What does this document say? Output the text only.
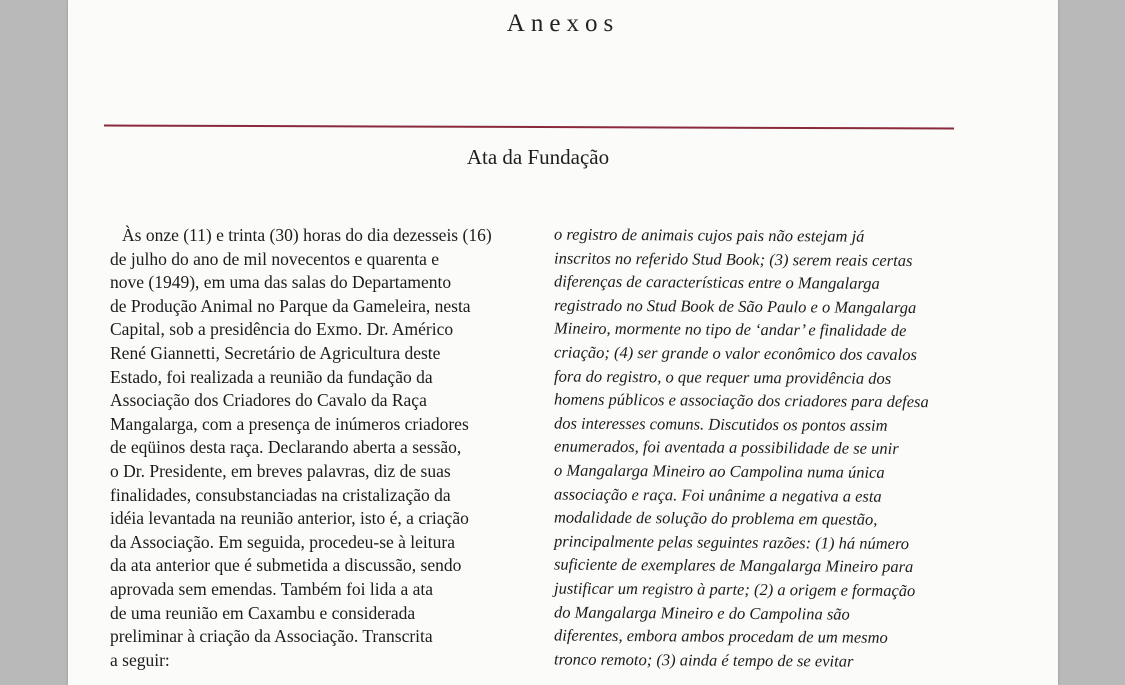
Anexos
Ata da Fundação
Às onze (11) e trinta (30) horas do dia dezesseis (16)
de julho do ano de mil novecentos e quarenta e
nove (1949), em uma das salas do Departamento
de Produção Animal no Parque da Gameleira, nesta
Capital, sob a presidência do Exmo. Dr. Américo
René Giannetti, Secretário de Agricultura deste
Estado, foi realizada a reunião da fundação da
Associação dos Criadores do Cavalo da Raça
Mangalarga, com a presença de inúmeros criadores
de eqüinos desta raça. Declarando aberta a sessão,
o Dr. Presidente, em breves palavras, diz de suas
finalidades, consubstanciadas na cristalização da
idéia levantada na reunião anterior, isto é, a criação
da Associação. Em seguida, procedeu-se à leitura
da ata anterior que é submetida a discussão, sendo
aprovada sem emendas. Também foi lida a ata
de uma reunião em Caxambu e considerada
preliminar à criação da Associação. Transcrita
a seguir:
o registro de animais cujos pais não estejam já
inscritos no referido Stud Book; (3) serem reais certas
diferenças de características entre o Mangalarga
registrado no Stud Book de São Paulo e o Mangalarga
Mineiro, mormente no tipo de ‘andar’ e finalidade de
criação; (4) ser grande o valor econômico dos cavalos
fora do registro, o que requer uma providência dos
homens públicos e associação dos criadores para defesa
dos interesses comuns. Discutidos os pontos assim
enumerados, foi aventada a possibilidade de se unir
o Mangalarga Mineiro ao Campolina numa única
associação e raça. Foi unânime a negativa a esta
modalidade de solução do problema em questão,
principalmente pelas seguintes razões: (1) há número
suficiente de exemplares de Mangalarga Mineiro para
justificar um registro à parte; (2) a origem e formação
do Mangalarga Mineiro e do Campolina são
diferentes, embora ambos procedam de um mesmo
tronco remoto; (3) ainda é tempo de se evitar
